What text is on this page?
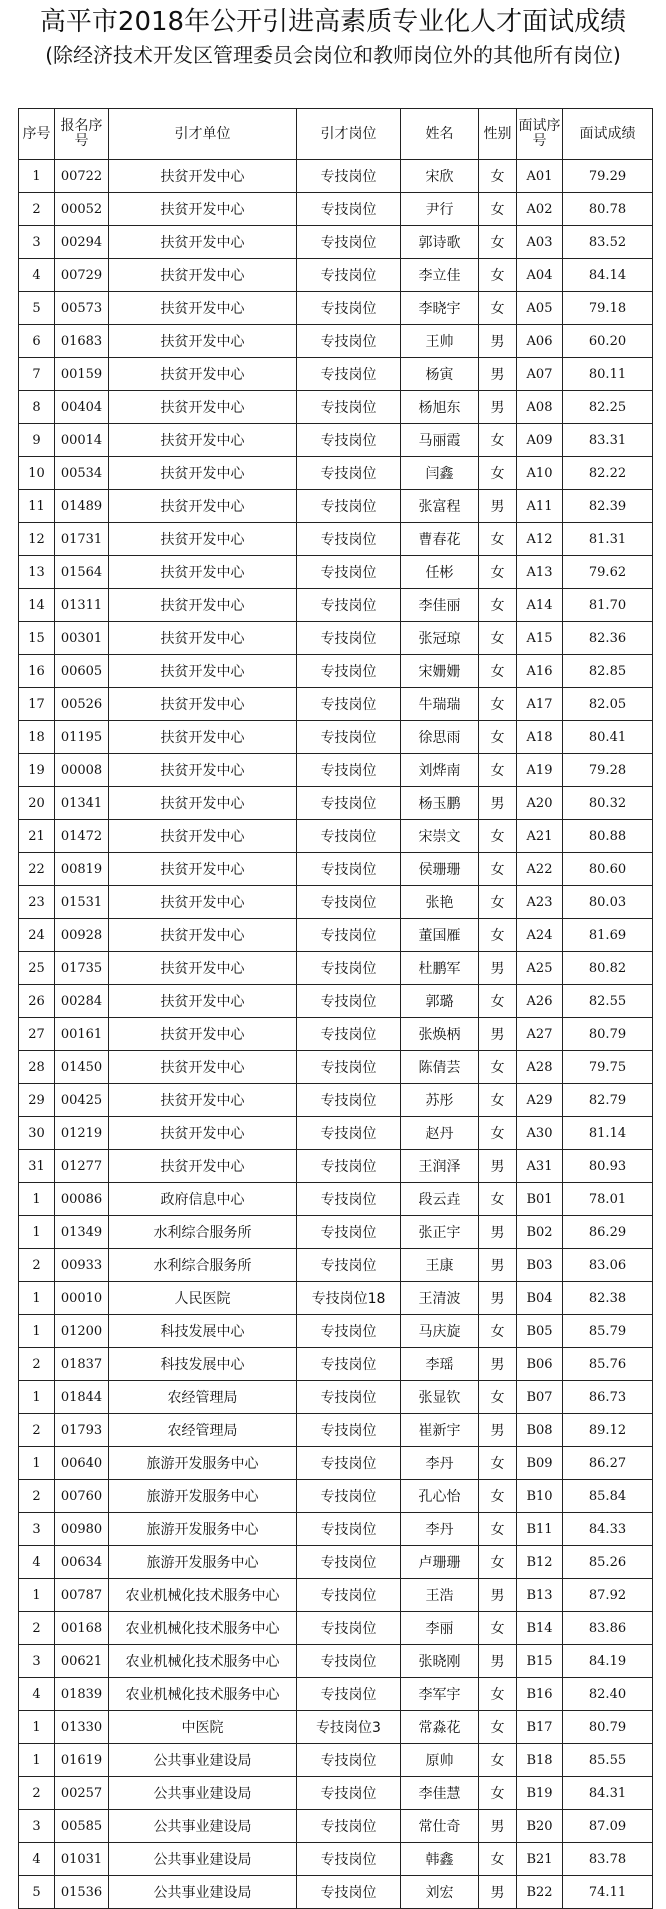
高平市2018年公开引进高素质专业化人才面试成绩
(除经济技术开发区管理委员会岗位和教师岗位外的其他所有岗位)
序号	报名序号	引才单位	引才岗位	姓名	性别	面试序号	面试成绩
1	00722	扶贫开发中心	专技岗位	宋欣	女	A01	79.29
2	00052	扶贫开发中心	专技岗位	尹行	女	A02	80.78
3	00294	扶贫开发中心	专技岗位	郭诗歌	女	A03	83.52
4	00729	扶贫开发中心	专技岗位	李立佳	女	A04	84.14
5	00573	扶贫开发中心	专技岗位	李晓宇	女	A05	79.18
6	01683	扶贫开发中心	专技岗位	王帅	男	A06	60.20
7	00159	扶贫开发中心	专技岗位	杨寅	男	A07	80.11
8	00404	扶贫开发中心	专技岗位	杨旭东	男	A08	82.25
9	00014	扶贫开发中心	专技岗位	马丽霞	女	A09	83.31
10	00534	扶贫开发中心	专技岗位	闫鑫	女	A10	82.22
11	01489	扶贫开发中心	专技岗位	张富程	男	A11	82.39
12	01731	扶贫开发中心	专技岗位	曹春花	女	A12	81.31
13	01564	扶贫开发中心	专技岗位	任彬	女	A13	79.62
14	01311	扶贫开发中心	专技岗位	李佳丽	女	A14	81.70
15	00301	扶贫开发中心	专技岗位	张冠琼	女	A15	82.36
16	00605	扶贫开发中心	专技岗位	宋姗姗	女	A16	82.85
17	00526	扶贫开发中心	专技岗位	牛瑞瑞	女	A17	82.05
18	01195	扶贫开发中心	专技岗位	徐思雨	女	A18	80.41
19	00008	扶贫开发中心	专技岗位	刘烨南	女	A19	79.28
20	01341	扶贫开发中心	专技岗位	杨玉鹏	男	A20	80.32
21	01472	扶贫开发中心	专技岗位	宋崇文	女	A21	80.88
22	00819	扶贫开发中心	专技岗位	侯珊珊	女	A22	80.60
23	01531	扶贫开发中心	专技岗位	张艳	女	A23	80.03
24	00928	扶贫开发中心	专技岗位	董国雁	女	A24	81.69
25	01735	扶贫开发中心	专技岗位	杜鹏军	男	A25	80.82
26	00284	扶贫开发中心	专技岗位	郭璐	女	A26	82.55
27	00161	扶贫开发中心	专技岗位	张焕柄	男	A27	80.79
28	01450	扶贫开发中心	专技岗位	陈倩芸	女	A28	79.75
29	00425	扶贫开发中心	专技岗位	苏彤	女	A29	82.79
30	01219	扶贫开发中心	专技岗位	赵丹	女	A30	81.14
31	01277	扶贫开发中心	专技岗位	王润泽	男	A31	80.93
1	00086	政府信息中心	专技岗位	段云垚	女	B01	78.01
1	01349	水利综合服务所	专技岗位	张正宇	男	B02	86.29
2	00933	水利综合服务所	专技岗位	王康	男	B03	83.06
1	00010	人民医院	专技岗位18	王清波	男	B04	82.38
1	01200	科技发展中心	专技岗位	马庆旋	女	B05	85.79
2	01837	科技发展中心	专技岗位	李瑶	男	B06	85.76
1	01844	农经管理局	专技岗位	张显钦	女	B07	86.73
2	01793	农经管理局	专技岗位	崔新宇	男	B08	89.12
1	00640	旅游开发服务中心	专技岗位	李丹	女	B09	86.27
2	00760	旅游开发服务中心	专技岗位	孔心怡	女	B10	85.84
3	00980	旅游开发服务中心	专技岗位	李丹	女	B11	84.33
4	00634	旅游开发服务中心	专技岗位	卢珊珊	女	B12	85.26
1	00787	农业机械化技术服务中心	专技岗位	王浩	男	B13	87.92
2	00168	农业机械化技术服务中心	专技岗位	李丽	女	B14	83.86
3	00621	农业机械化技术服务中心	专技岗位	张晓刚	男	B15	84.19
4	01839	农业机械化技术服务中心	专技岗位	李军宇	女	B16	82.40
1	01330	中医院	专技岗位3	常淼花	女	B17	80.79
1	01619	公共事业建设局	专技岗位	原帅	女	B18	85.55
2	00257	公共事业建设局	专技岗位	李佳慧	女	B19	84.31
3	00585	公共事业建设局	专技岗位	常仕奇	男	B20	87.09
4	01031	公共事业建设局	专技岗位	韩鑫	女	B21	83.78
5	01536	公共事业建设局	专技岗位	刘宏	男	B22	74.11
